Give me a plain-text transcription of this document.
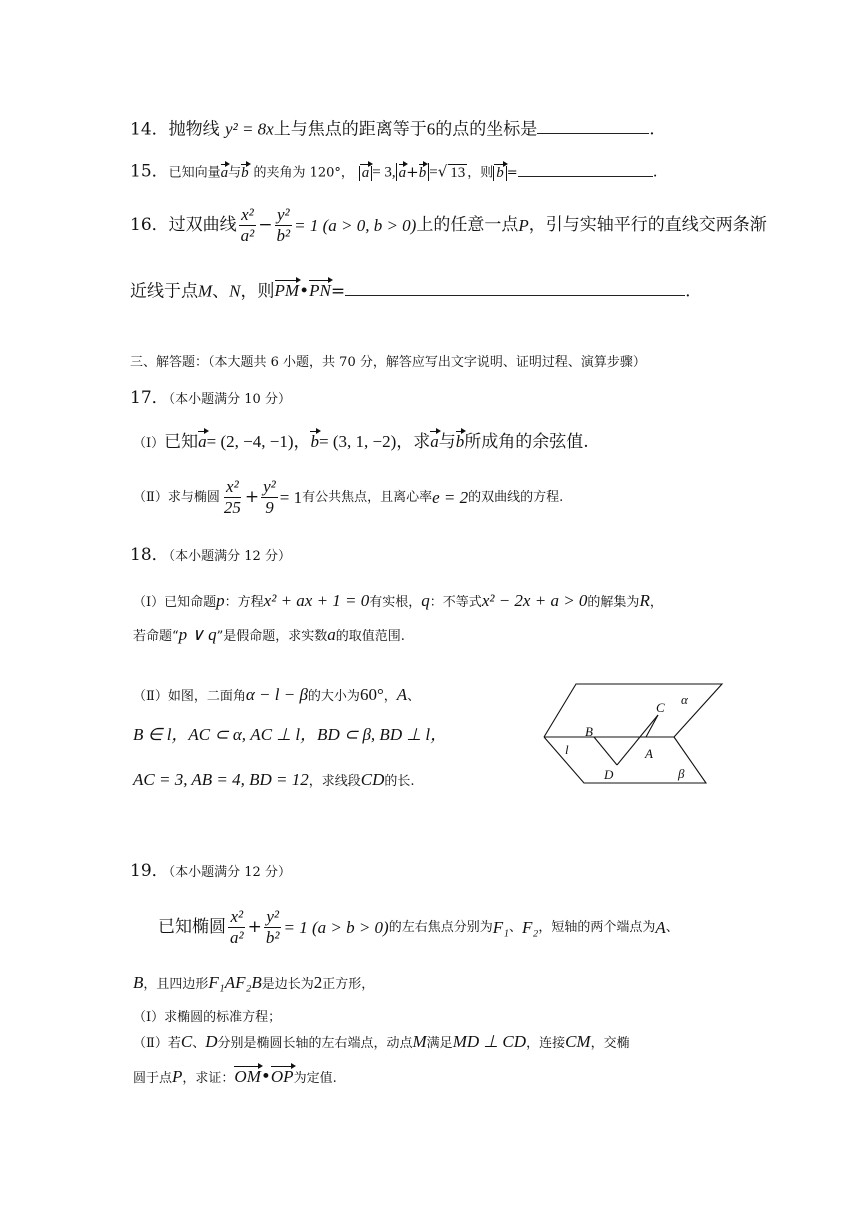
14．抛物线 y² = 8x上与焦点的距离等于6的点的坐标是	.
15．已知向量a与b 的夹角为 120°， a = 3, a+b =√ 13 ，则 b =	.
16． 过双曲线 $\frac{\text{x²}}{\text{a²}} - \frac{\text{y²}}{\text{b²}} = 1$ (a > 0, b > 0) 上的任意一点 P ，引与实轴平行的直线交两条渐
近线于点M、N，则PM•PN=	.
三、解答题：（本大题共 6 小题，共 70 分，解答应写出文字说明、证明过程、演算步骤）
17．（本小题满分 10 分）
（Ⅰ）已知a= (2, −4, −1)，b= (3, 1, −2)，求a与b所成角的余弦值.
（Ⅱ） 求与椭圆 $\frac{\text{x²}}{25} + \frac{\text{y²}}{9} = 1$ 有公共焦点，且离心率 e = 2 的双曲线的方程.
18．（本小题满分 12 分）
（Ⅰ）已知命题p：方程x² + ax + 1 = 0有实根，q：不等式x² − 2x + a > 0的解集为R，
若命题“p ∨ q”是假命题，求实数a的取值范围.
（Ⅱ）如图，二面角α − l − β的大小为60°，A、
B ∈ l，AC ⊂ α, AC ⊥ l，BD ⊂ β, BD ⊥ l，
AC = 3, AB = 4, BD = 12，求线段CD的长.
α
C
B
l	A
D	β
19．（本小题满分 12 分）
已知椭圆 $\frac{\text{x²}}{\text{a²}} + \frac{\text{y²}}{\text{b²}} = 1$ (a > b > 0) 的左右焦点分别为 F₁ 、 F₂ ，短轴的两个端点为 A 、
B，且四边形F₁AF₂B是边长为2正方形，
（Ⅰ）求椭圆的标准方程；
（Ⅱ）若C、D分别是椭圆长轴的左右端点，动点M满足MD ⊥ CD，连接CM，交椭
圆于点P，求证：OM•OP为定值.
